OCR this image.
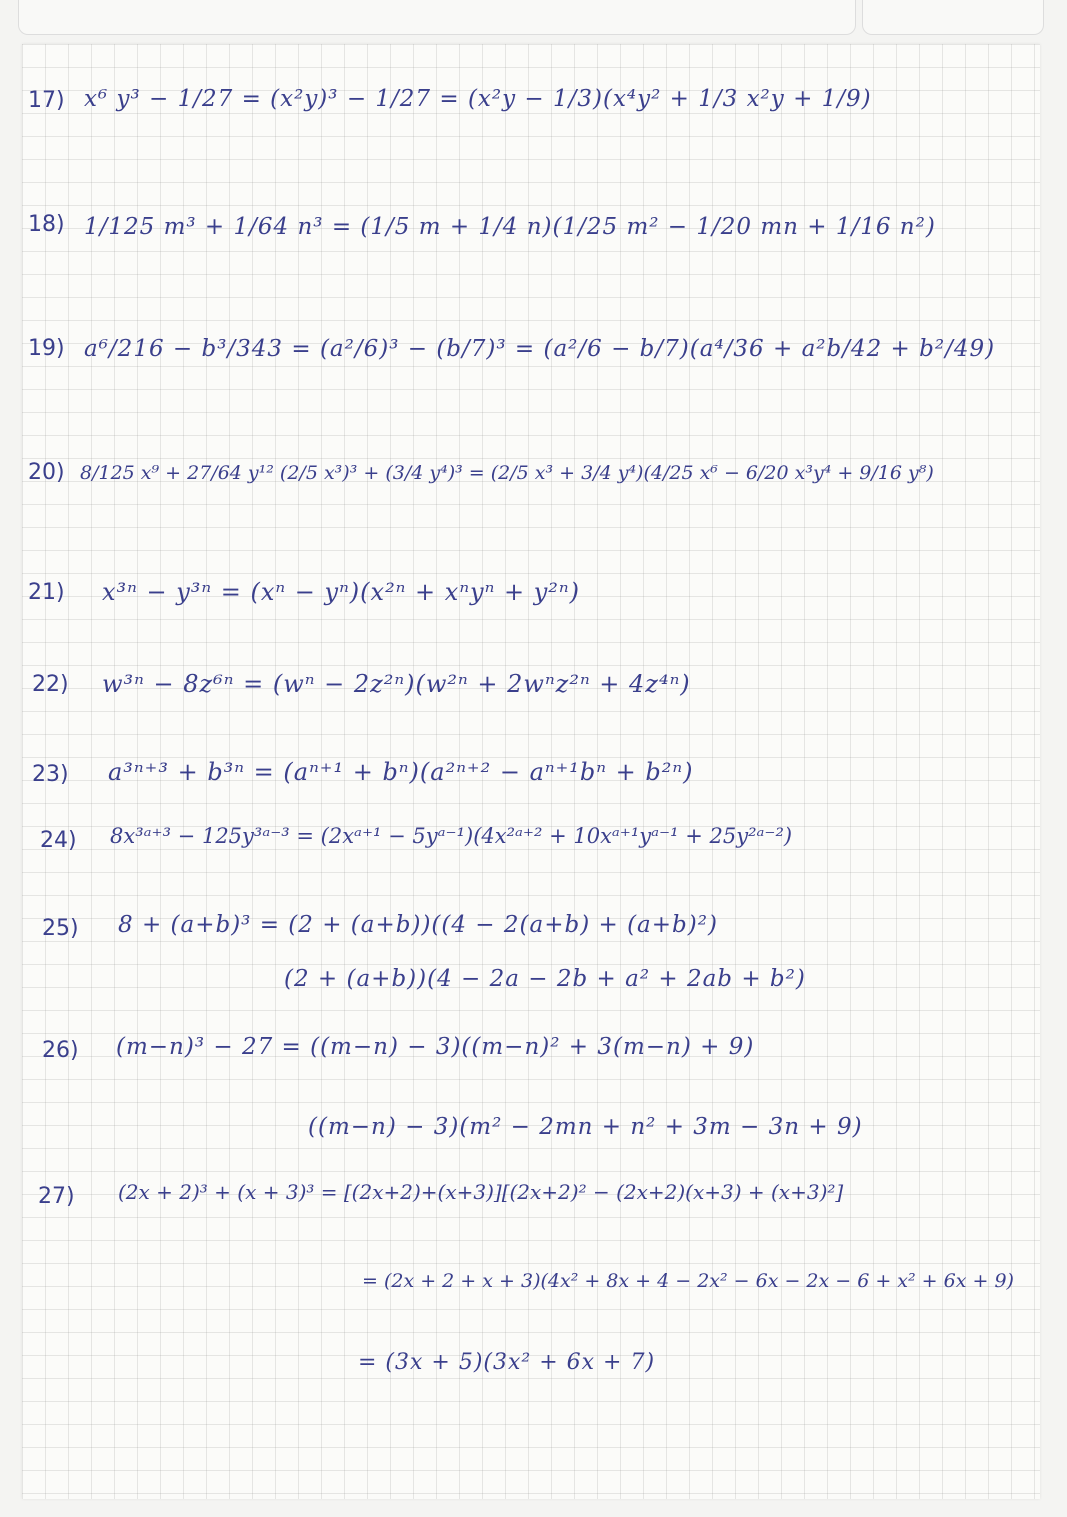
17) x⁶ y³ − 1/27 = (x²y)³ − 1/27 = (x²y − 1/3)(x⁴y² + 1/3 x²y + 1/9)
18) 1/125 m³ + 1/64 n³ = (1/5 m + 1/4 n)(1/25 m² − 1/20 mn + 1/16 n²)
19) a⁶/216 − b³/343 = (a²/6)³ − (b/7)³ = (a²/6 − b/7)(a⁴/36 + a²b/42 + b²/49)
20) 8/125 x⁹ + 27/64 y¹² (2/5 x³)³ + (3/4 y⁴)³ = (2/5 x³ + 3/4 y⁴)(4/25 x⁶ − 6/20 x³y⁴ + 9/16 y⁸)
21) x³ⁿ − y³ⁿ = (xⁿ − yⁿ)(x²ⁿ + xⁿyⁿ + y²ⁿ)
22) w³ⁿ − 8z⁶ⁿ = (wⁿ − 2z²ⁿ)(w²ⁿ + 2wⁿz²ⁿ + 4z⁴ⁿ)
23) a³ⁿ⁺³ + b³ⁿ = (aⁿ⁺¹ + bⁿ)(a²ⁿ⁺² − aⁿ⁺¹bⁿ + b²ⁿ)
24) 8x³ᵃ⁺³ − 125y³ᵃ⁻³ = (2xᵃ⁺¹ − 5yᵃ⁻¹)(4x²ᵃ⁺² + 10xᵃ⁺¹yᵃ⁻¹ + 25y²ᵃ⁻²)
25) 8 + (a+b)³ = (2 + (a+b))((4 − 2(a+b) + (a+b)²)
(2 + (a+b))(4 − 2a − 2b + a² + 2ab + b²)
26) (m−n)³ − 27 = ((m−n) − 3)((m−n)² + 3(m−n) + 9)
((m−n) − 3)(m² − 2mn + n² + 3m − 3n + 9)
27) (2x + 2)³ + (x + 3)³ = [(2x+2)+(x+3)][(2x+2)² − (2x+2)(x+3) + (x+3)²]
= (2x + 2 + x + 3)(4x² + 8x + 4 − 2x² − 6x − 2x − 6 + x² + 6x + 9)
= (3x + 5)(3x² + 6x + 7)
